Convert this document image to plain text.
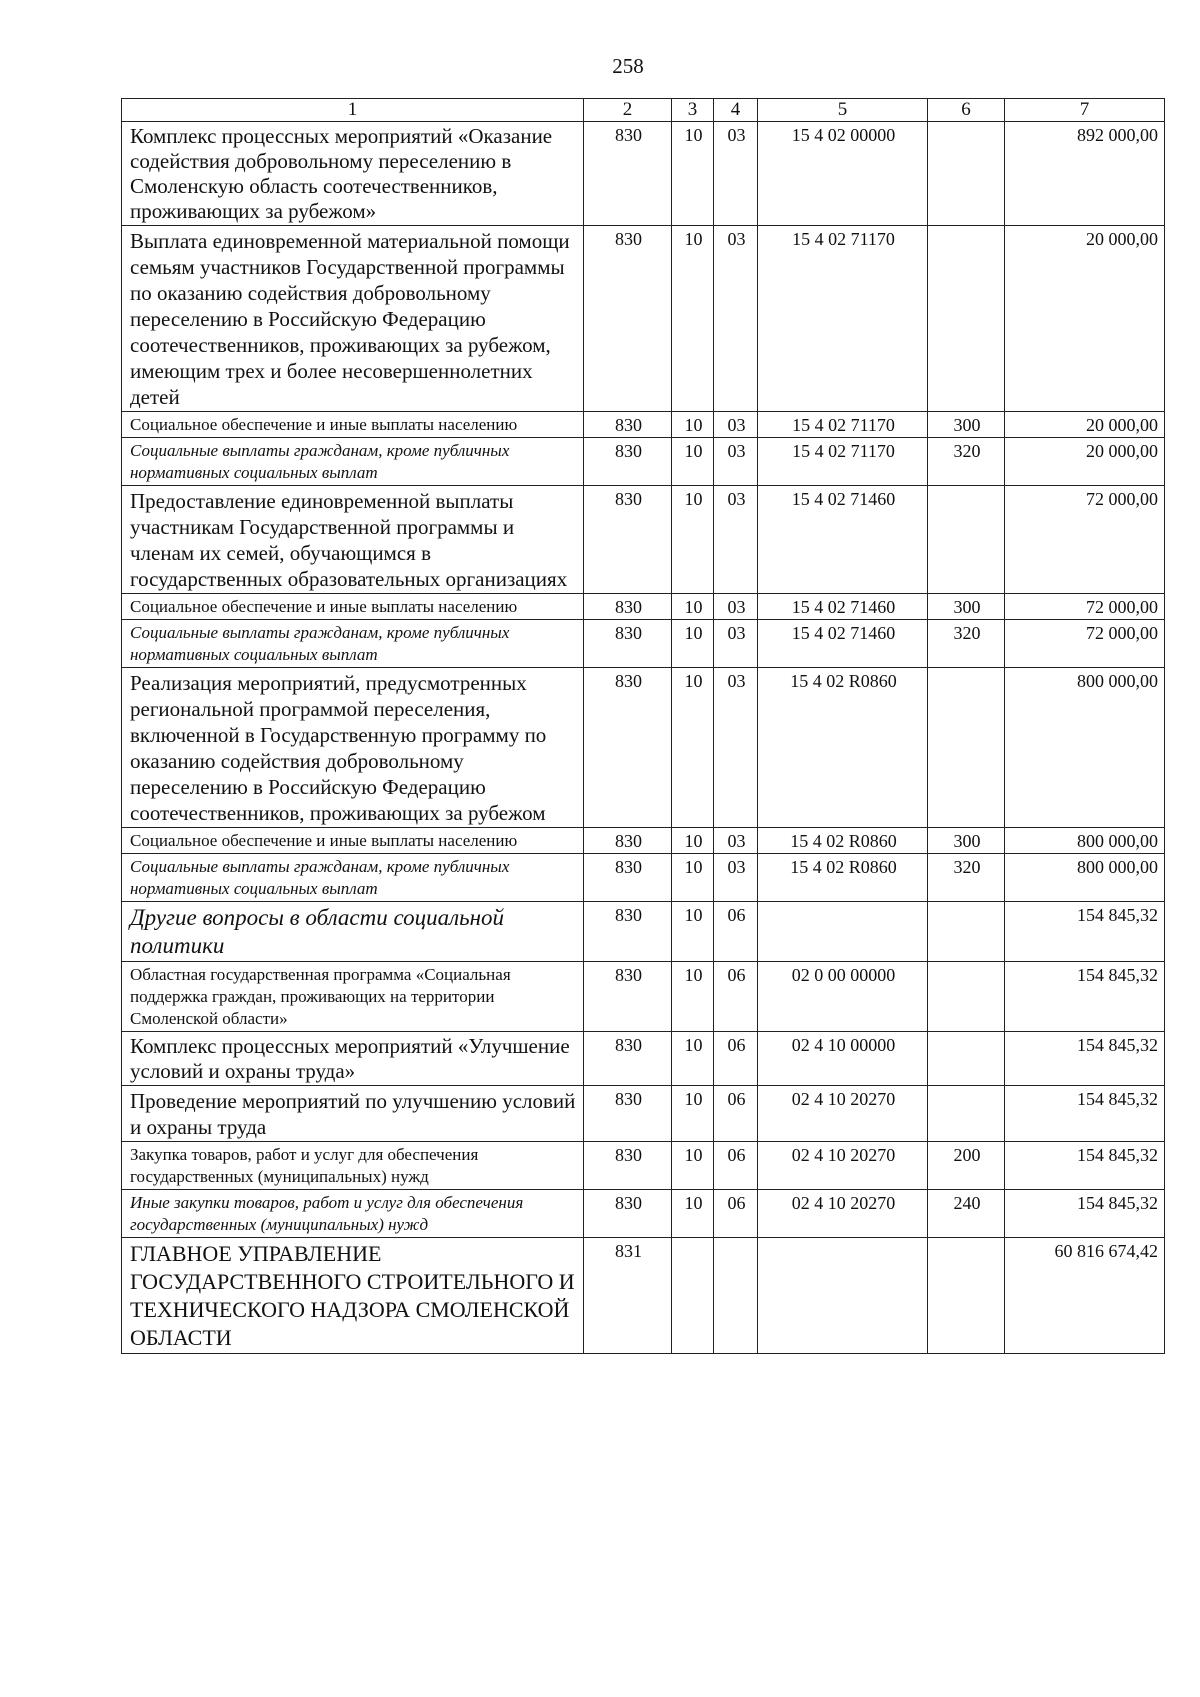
258
1	2	3	4	5	6	7
Комплекс процессных мероприятий «Оказание содействия добровольному переселению в Смоленскую область соотечественников, проживающих за рубежом»	830	10	03	15 4 02 00000		892 000,00
Выплата единовременной материальной помощи семьям участников Государственной программы по оказанию содействия добровольному переселению в Российскую Федерацию соотечественников, проживающих за рубежом, имеющим трех и более несовершеннолетних детей	830	10	03	15 4 02 71170		20 000,00
Социальное обеспечение и иные выплаты населению	830	10	03	15 4 02 71170	300	20 000,00
Социальные выплаты гражданам, кроме публичных нормативных социальных выплат	830	10	03	15 4 02 71170	320	20 000,00
Предоставление единовременной выплаты участникам Государственной программы и членам их семей, обучающимся в государственных образовательных организациях	830	10	03	15 4 02 71460		72 000,00
Социальное обеспечение и иные выплаты населению	830	10	03	15 4 02 71460	300	72 000,00
Социальные выплаты гражданам, кроме публичных нормативных социальных выплат	830	10	03	15 4 02 71460	320	72 000,00
Реализация мероприятий, предусмотренных региональной программой переселения, включенной в Государственную программу по оказанию содействия добровольному переселению в Российскую Федерацию соотечественников, проживающих за рубежом	830	10	03	15 4 02 R0860		800 000,00
Социальное обеспечение и иные выплаты населению	830	10	03	15 4 02 R0860	300	800 000,00
Социальные выплаты гражданам, кроме публичных нормативных социальных выплат	830	10	03	15 4 02 R0860	320	800 000,00
Другие вопросы в области социальной политики	830	10	06			154 845,32
Областная государственная программа «Социальная поддержка граждан, проживающих на территории Смоленской области»	830	10	06	02 0 00 00000		154 845,32
Комплекс процессных мероприятий «Улучшение условий и охраны труда»	830	10	06	02 4 10 00000		154 845,32
Проведение мероприятий по улучшению условий и охраны труда	830	10	06	02 4 10 20270		154 845,32
Закупка товаров, работ и услуг для обеспечения государственных (муниципальных) нужд	830	10	06	02 4 10 20270	200	154 845,32
Иные закупки товаров, работ и услуг для обеспечения государственных (муниципальных) нужд	830	10	06	02 4 10 20270	240	154 845,32
ГЛАВНОЕ УПРАВЛЕНИЕ ГОСУДАРСТВЕННОГО СТРОИТЕЛЬНОГО И ТЕХНИЧЕСКОГО НАДЗОРА СМОЛЕНСКОЙ ОБЛАСТИ	831					60 816 674,42
